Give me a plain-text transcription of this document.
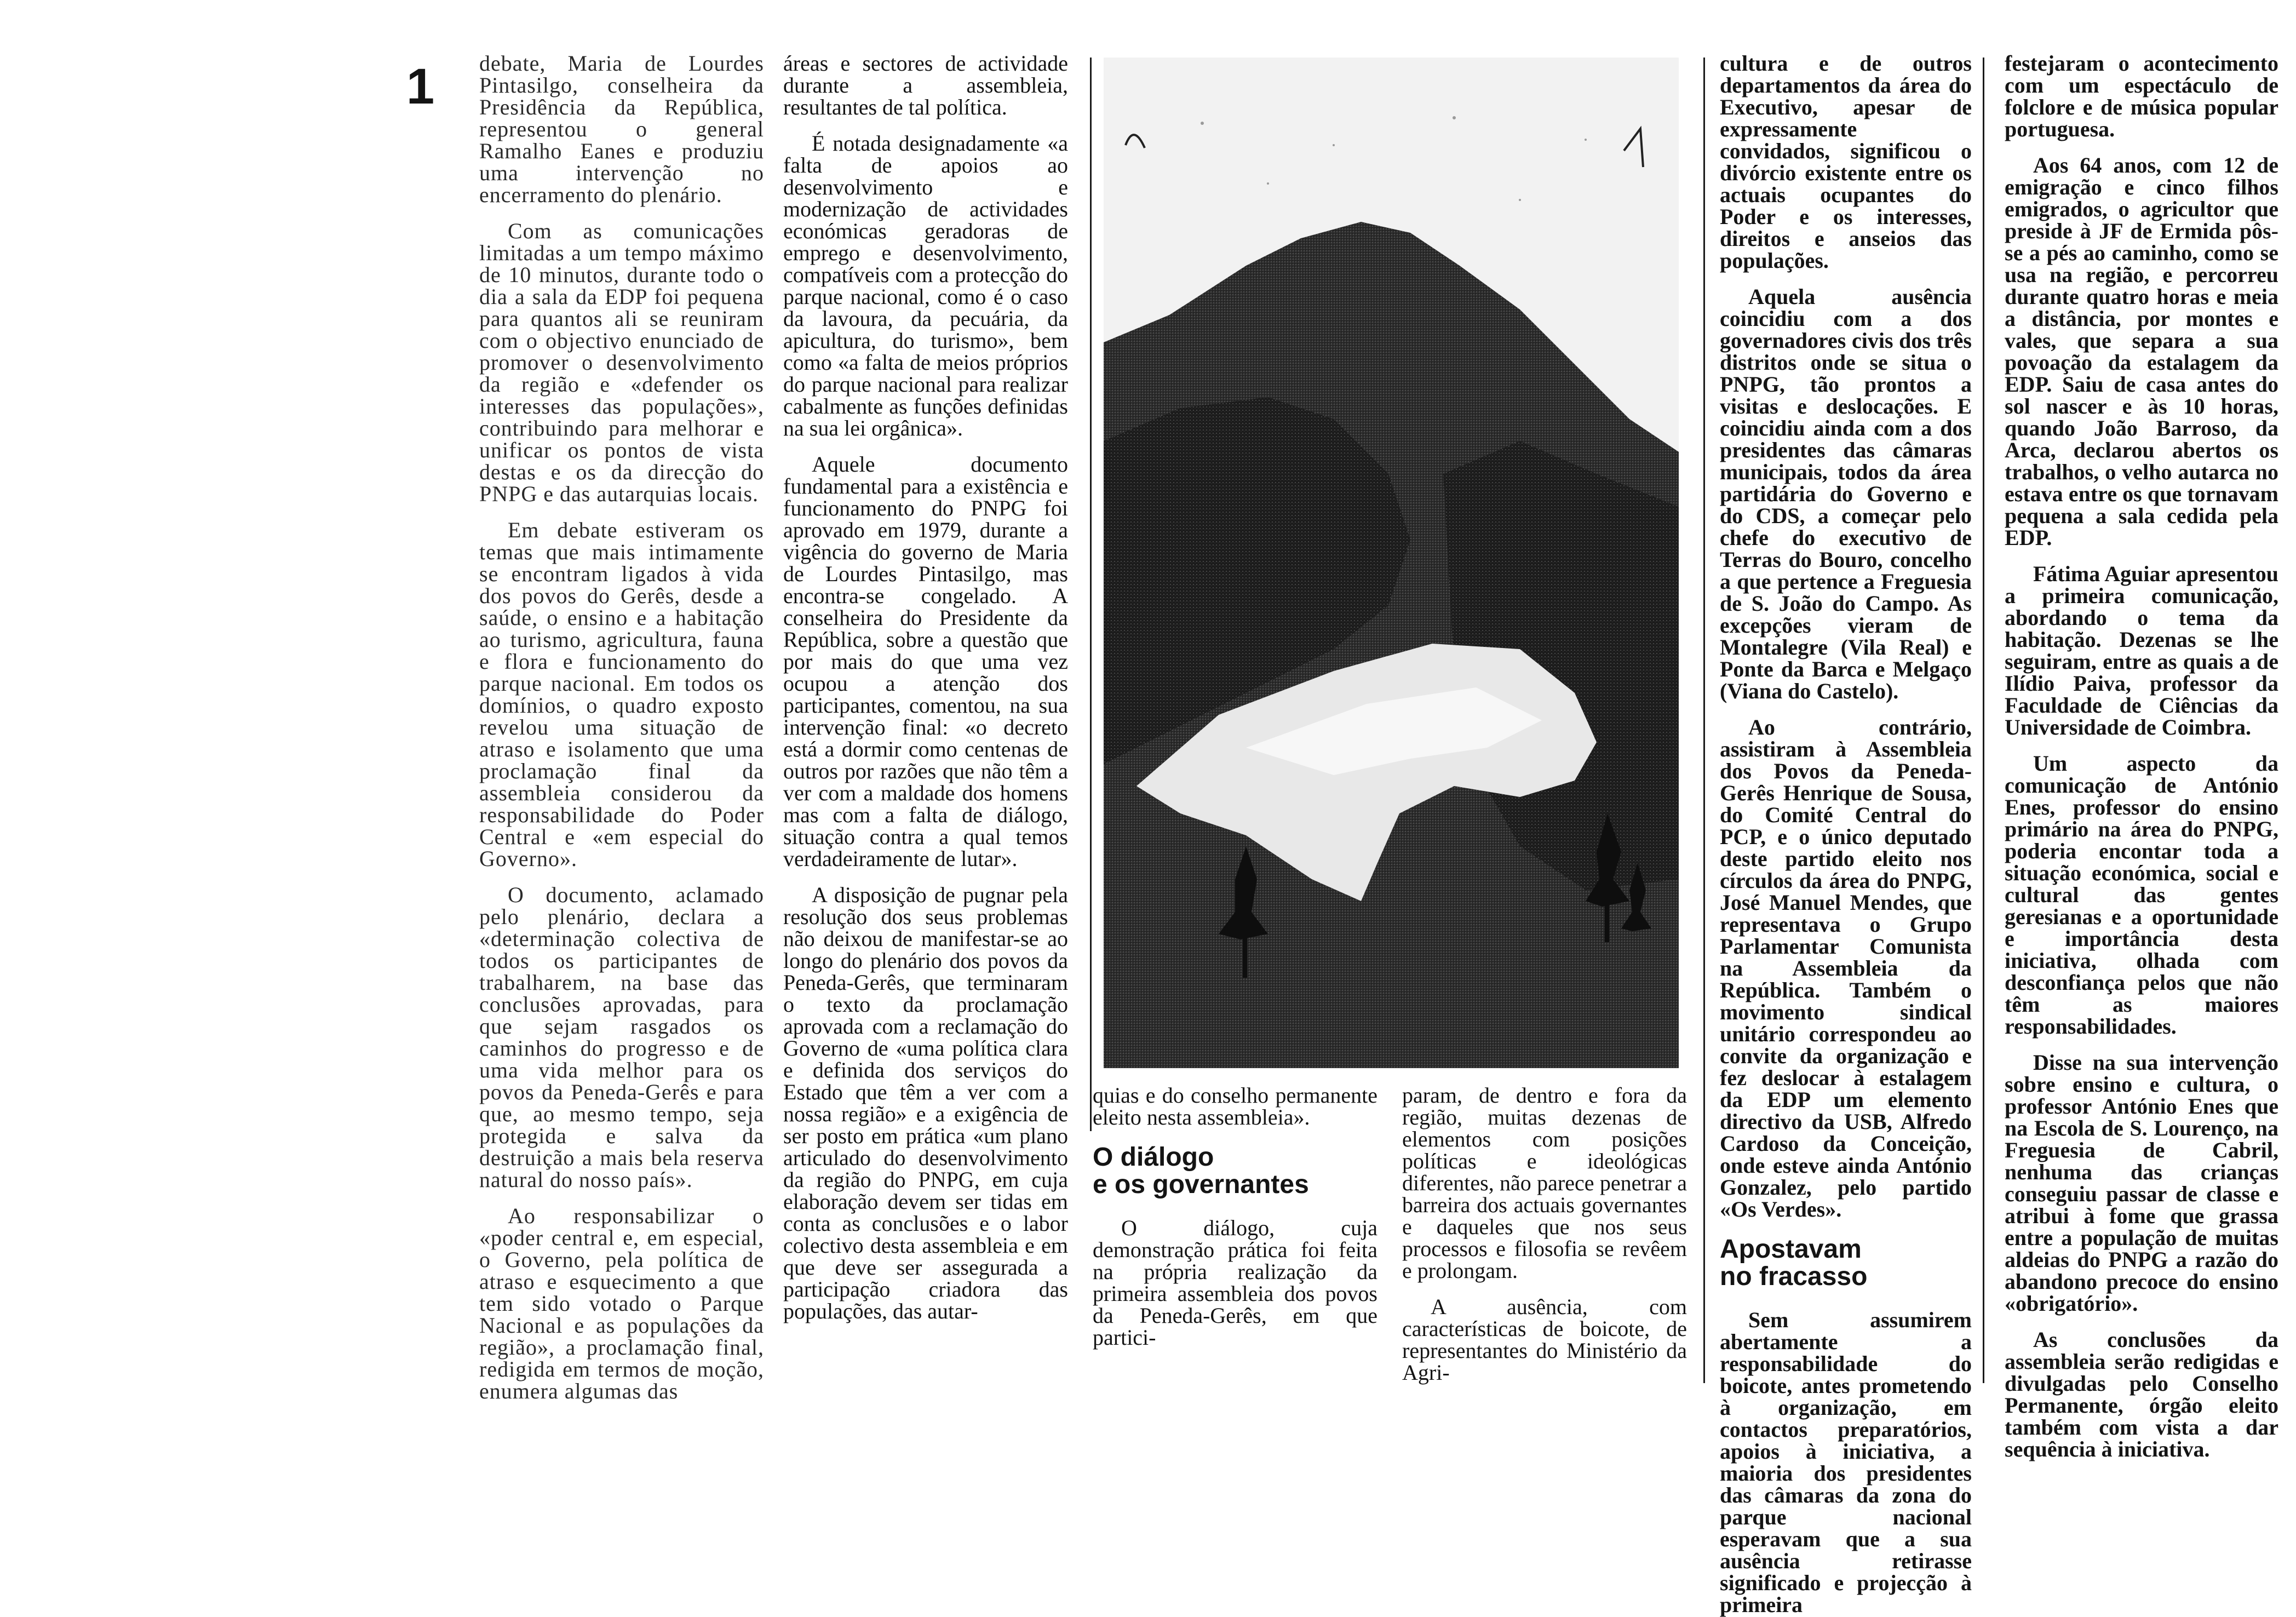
1 debate, Maria de Lourdes Pintasilgo, conselheira da Presidência da República, representou o general Ramalho Eanes e produziu uma intervenção no encerramento do plenário.

Com as comunicações limitadas a um tempo máximo de 10 minutos, durante todo o dia a sala da EDP foi pequena para quantos ali se reuniram com o objectivo enunciado de promover o desenvolvimento da região e «defender os interesses das populações», contribuindo para melhorar e unificar os pontos de vista destas e os da direcção do PNPG e das autarquias locais.

Em debate estiveram os temas que mais intimamente se encontram ligados à vida dos povos do Gerês, desde a saúde, o ensino e a habitação ao turismo, agricultura, fauna e flora e funcionamento do parque nacional. Em todos os domínios, o quadro exposto revelou uma situação de atraso e isolamento que uma proclamação final da assembleia considerou da responsabilidade do Poder Central e «em especial do Governo».

O documento, aclamado pelo plenário, declara a «determinação colectiva de todos os participantes de trabalharem, na base das conclusões aprovadas, para que sejam rasgados os caminhos do progresso e de uma vida melhor para os povos da Peneda-Gerês e para que, ao mesmo tempo, seja protegida e salva da destruição a mais bela reserva natural do nosso país».

Ao responsabilizar o «poder central e, em especial, o Governo, pela política de atraso e esquecimento a que tem sido votado o Parque Nacional e as populações da região», a proclamação final, redigida em termos de moção, enumera algumas das

áreas e sectores de actividade durante a assembleia, resultantes de tal política.

É notada designadamente «a falta de apoios ao desenvolvimento e modernização de actividades económicas geradoras de emprego e desenvolvimento, compatíveis com a protecção do parque nacional, como é o caso da lavoura, da pecuária, da apicultura, do turismo», bem como «a falta de meios próprios do parque nacional para realizar cabalmente as funções definidas na sua lei orgânica».

Aquele documento fundamental para a existência e funcionamento do PNPG foi aprovado em 1979, durante a vigência do governo de Maria de Lourdes Pintasilgo, mas encontra-se congelado. A conselheira do Presidente da República, sobre a questão que por mais do que uma vez ocupou a atenção dos participantes, comentou, na sua intervenção final: «o decreto está a dormir como centenas de outros por razões que não têm a ver com a maldade dos homens mas com a falta de diálogo, situação contra a qual temos verdadeiramente de lutar».

A disposição de pugnar pela resolução dos seus problemas não deixou de manifestar-se ao longo do plenário dos povos da Peneda-Gerês, que terminaram o texto da proclamação aprovada com a reclamação do Governo de «uma política clara e definida dos serviços do Estado que têm a ver com a nossa região» e a exigência de ser posto em prática «um plano articulado do desenvolvimento da região do PNPG, em cuja elaboração devem ser tidas em conta as conclusões e o labor colectivo desta assembleia e em que deve ser assegurada a participação criadora das populações, das autar-

quias e do conselho permanente eleito nesta assembleia».

O diálogo
e os governantes

O diálogo, cuja demonstração prática foi feita na própria realização da primeira assembleia dos povos da Peneda-Gerês, em que partici-

param, de dentro e fora da região, muitas dezenas de elementos com posições políticas e ideológicas diferentes, não parece penetrar a barreira dos actuais governantes e daqueles que nos seus processos e filosofia se revêem e prolongam.

A ausência, com características de boicote, de representantes do Ministério da Agri-

cultura e de outros departamentos da área do Executivo, apesar de expressamente convidados, significou o divórcio existente entre os actuais ocupantes do Poder e os interesses, direitos e anseios das populações.

Aquela ausência coincidiu com a dos governadores civis dos três distritos onde se situa o PNPG, tão prontos a visitas e deslocações. E coincidiu ainda com a dos presidentes das câmaras municipais, todos da área partidária do Governo e do CDS, a começar pelo chefe do executivo de Terras do Bouro, concelho a que pertence a Freguesia de S. João do Campo. As excepções vieram de Montalegre (Vila Real) e Ponte da Barca e Melgaço (Viana do Castelo).

Ao contrário, assistiram à Assembleia dos Povos da Peneda-Gerês Henrique de Sousa, do Comité Central do PCP, e o único deputado deste partido eleito nos círculos da área do PNPG, José Manuel Mendes, que representava o Grupo Parlamentar Comunista na Assembleia da República. Também o movimento sindical unitário correspondeu ao convite da organização e fez deslocar à estalagem da EDP um elemento directivo da USB, Alfredo Cardoso da Conceição, onde esteve ainda António Gonzalez, pelo partido «Os Verdes».

Apostavam
no fracasso

Sem assumirem abertamente a responsabilidade do boicote, antes prometendo à organização, em contactos preparatórios, apoios à iniciativa, a maioria dos presidentes das câmaras da zona do parque nacional esperavam que a sua ausência retirasse significado e projecção à primeira

festejaram o acontecimento com um espectáculo de folclore e de música popular portuguesa.

Aos 64 anos, com 12 de emigração e cinco filhos emigrados, o agricultor que preside à JF de Ermida pôs-se a pés ao caminho, como se usa na região, e percorreu durante quatro horas e meia a distância, por montes e vales, que separa a sua povoação da estalagem da EDP. Saiu de casa antes do sol nascer e às 10 horas, quando João Barroso, da Arca, declarou abertos os trabalhos, o velho autarca no estava entre os que tornavam pequena a sala cedida pela EDP.

Fátima Aguiar apresentou a primeira comunicação, abordando o tema da habitação. Dezenas se lhe seguiram, entre as quais a de Ilídio Paiva, professor da Faculdade de Ciências da Universidade de Coimbra.

Um aspecto da comunicação de António Enes, professor do ensino primário na área do PNPG, poderia encontar toda a situação económica, social e cultural das gentes geresianas e a oportunidade e importância desta iniciativa, olhada com desconfiança pelos que não têm as maiores responsabilidades.

Disse na sua intervenção sobre ensino e cultura, o professor António Enes que na Escola de S. Lourenço, na Freguesia de Cabril, nenhuma das crianças conseguiu passar de classe e atribui à fome que grassa entre a população de muitas aldeias do PNPG a razão do abandono precoce do ensino «obrigatório».

As conclusões da assembleia serão redigidas e divulgadas pelo Conselho Permanente, órgão eleito também com vista a dar sequência à iniciativa.
